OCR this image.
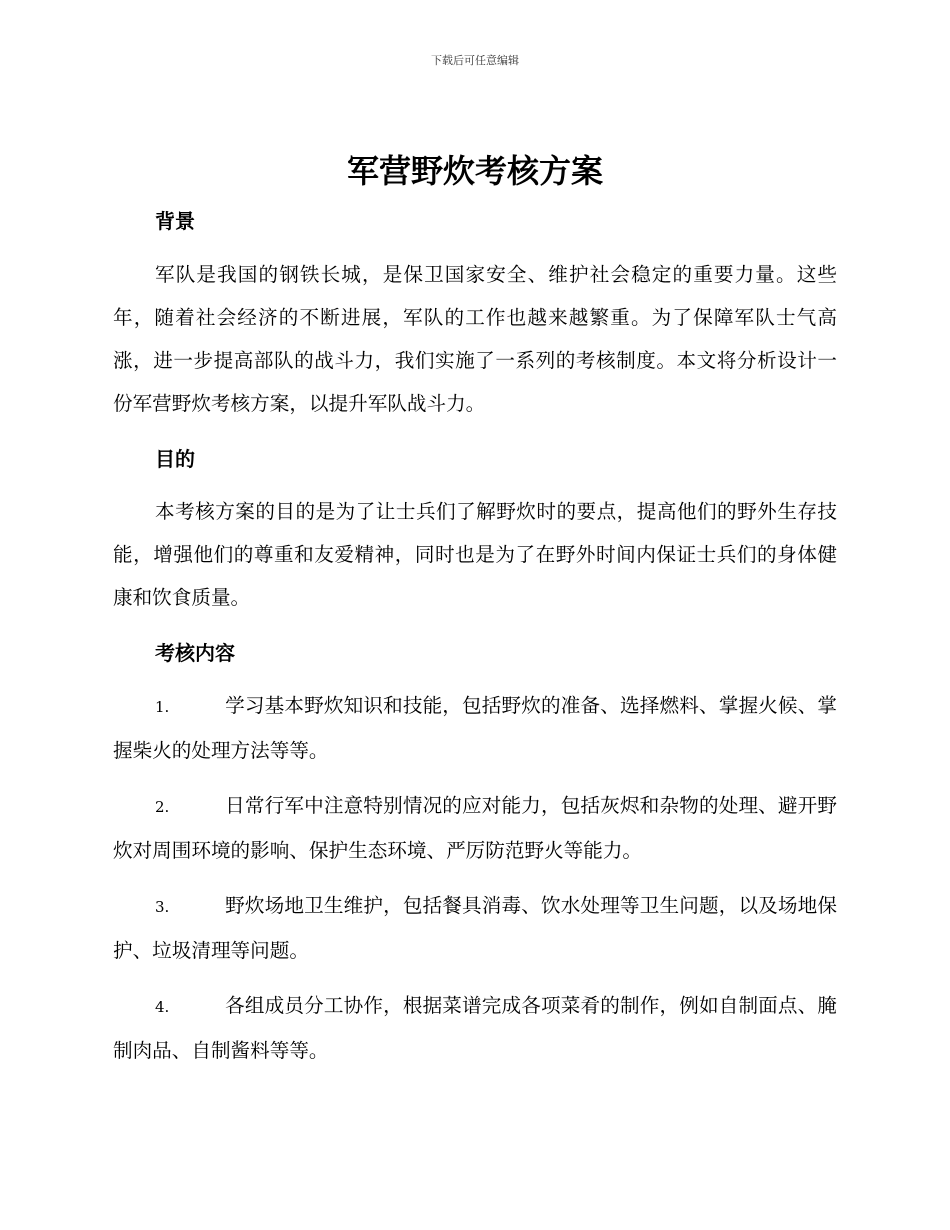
下载后可任意编辑
军营野炊考核方案
背景

军队是我国的钢铁长城，是保卫国家安全、维护社会稳定的重要力量。这些年，随着社会经济的不断进展，军队的工作也越来越繁重。为了保障军队士气高涨，进一步提高部队的战斗力，我们实施了一系列的考核制度。本文将分析设计一份军营野炊考核方案，以提升军队战斗力。

目的

本考核方案的目的是为了让士兵们了解野炊时的要点，提高他们的野外生存技能，增强他们的尊重和友爱精神，同时也是为了在野外时间内保证士兵们的身体健康和饮食质量。

考核内容

1.	学习基本野炊知识和技能，包括野炊的准备、选择燃料、掌握火候、掌握柴火的处理方法等等。

2.	日常行军中注意特别情况的应对能力，包括灰烬和杂物的处理、避开野炊对周围环境的影响、保护生态环境、严厉防范野火等能力。

3.	野炊场地卫生维护，包括餐具消毒、饮水处理等卫生问题，以及场地保护、垃圾清理等问题。

4.	各组成员分工协作，根据菜谱完成各项菜肴的制作，例如自制面点、腌制肉品、自制酱料等等。
